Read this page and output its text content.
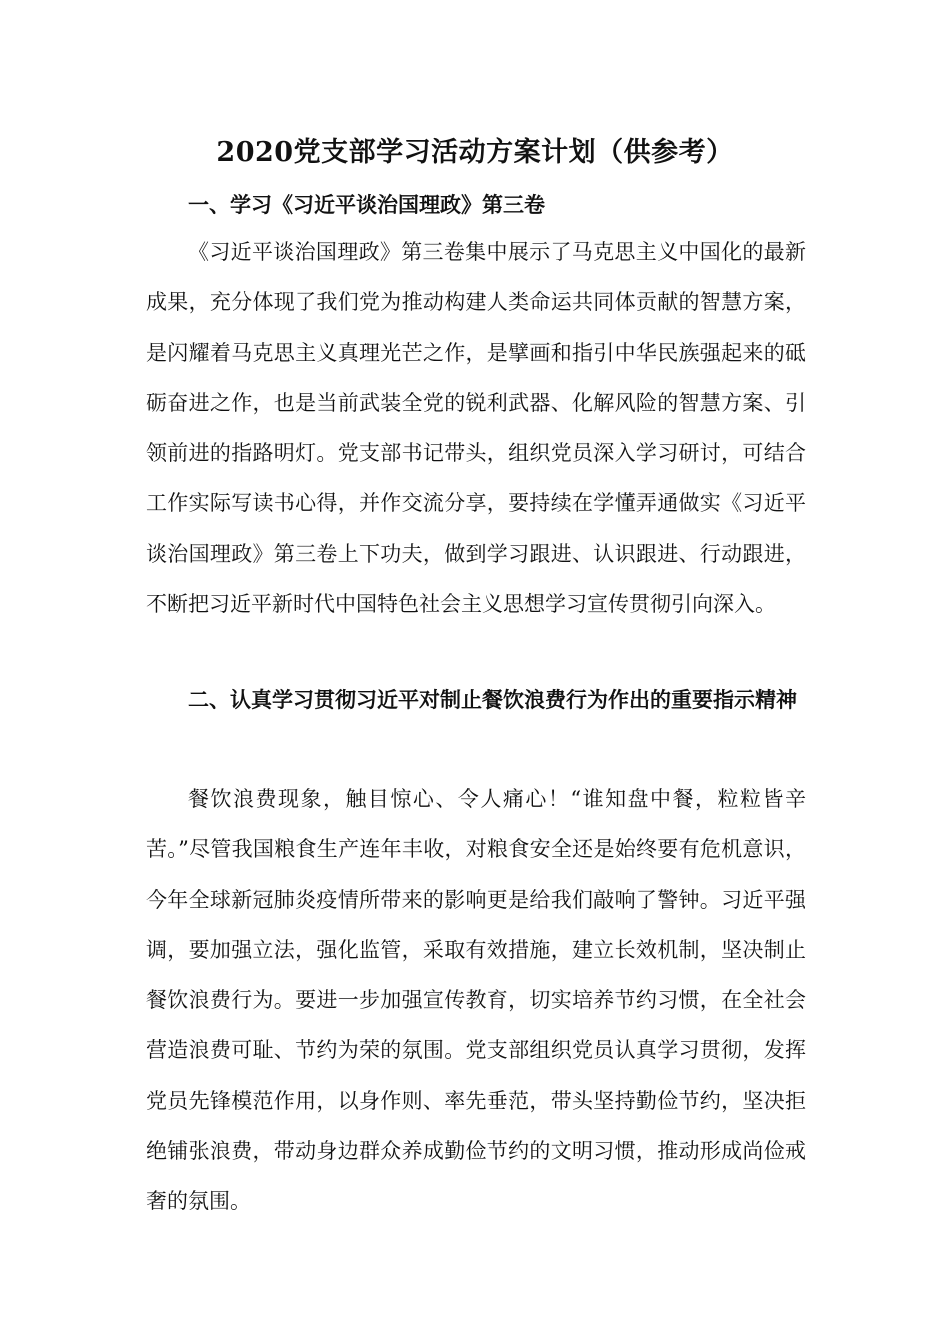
2020党支部学习活动方案计划（供参考）
一、学习《习近平谈治国理政》第三卷
《习近平谈治国理政》第三卷集中展示了马克思主义中国化的最新成果，充分体现了我们党为推动构建人类命运共同体贡献的智慧方案，是闪耀着马克思主义真理光芒之作，是擘画和指引中华民族强起来的砥砺奋进之作，也是当前武装全党的锐利武器、化解风险的智慧方案、引领前进的指路明灯。党支部书记带头，组织党员深入学习研讨，可结合工作实际写读书心得，并作交流分享，要持续在学懂弄通做实《习近平谈治国理政》第三卷上下功夫，做到学习跟进、认识跟进、行动跟进，不断把习近平新时代中国特色社会主义思想学习宣传贯彻引向深入。
二、认真学习贯彻习近平对制止餐饮浪费行为作出的重要指示精神
餐饮浪费现象，触目惊心、令人痛心！“谁知盘中餐，粒粒皆辛苦。”尽管我国粮食生产连年丰收，对粮食安全还是始终要有危机意识，今年全球新冠肺炎疫情所带来的影响更是给我们敲响了警钟。习近平强调，要加强立法，强化监管，采取有效措施，建立长效机制，坚决制止餐饮浪费行为。要进一步加强宣传教育，切实培养节约习惯，在全社会营造浪费可耻、节约为荣的氛围。党支部组织党员认真学习贯彻，发挥党员先锋模范作用，以身作则、率先垂范，带头坚持勤俭节约，坚决拒绝铺张浪费，带动身边群众养成勤俭节约的文明习惯，推动形成尚俭戒奢的氛围。
